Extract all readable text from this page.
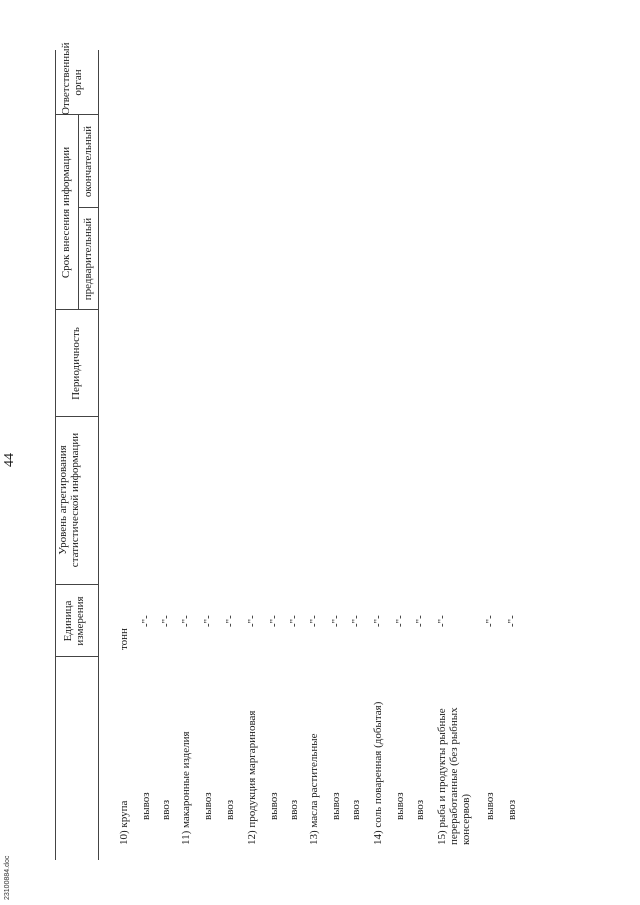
44
Единица измерения
Уровень агрегирования статистической информации
Периодичность
Срок внесения информации предварительный
окончательный
Ответственный орган
10) крупа
тонн
вывоз
-"-
ввоз
-"-
11) макаронные изделия
-"-
вывоз
-"-
ввоз
-"-
12) продукция маргариновая
-"-
вывоз
-"-
ввоз
-"-
13) масла растительные
-"-
вывоз
-"-
ввоз
-"-
14) соль поваренная (добытая)
-"-
вывоз
-"-
ввоз
-"-
15) рыба и продукты рыбные переработанные (без рыбных консервов)
-"-
вывоз
-"-
ввоз
-"-
23100884.doc
